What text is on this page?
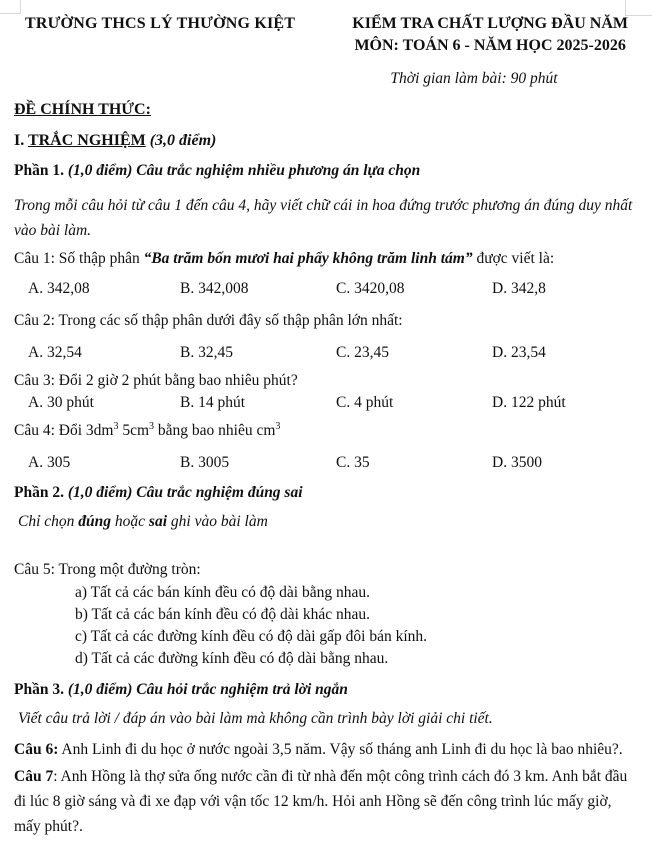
TRƯỜNG THCS LÝ THƯỜNG KIỆT	KIỂM TRA CHẤT LƯỢNG ĐẦU NĂM
MÔN: TOÁN 6 - NĂM HỌC 2025-2026
Thời gian làm bài: 90 phút
ĐỀ CHÍNH THỨC:
I. TRẮC NGHIỆM (3,0 điểm)
Phần 1. (1,0 điểm) Câu trắc nghiệm nhiều phương án lựa chọn
Trong mỗi câu hỏi từ câu 1 đến câu 4, hãy viết chữ cái in hoa đứng trước phương án đúng duy nhất vào bài làm.
Câu 1: Số thập phân “Ba trăm bốn mươi hai phẩy không trăm linh tám” được viết là:
A. 342,08	B. 342,008	C. 3420,08	D. 342,8
Câu 2: Trong các số thập phân dưới đây số thập phân lớn nhất:
A. 32,54	B. 32,45	C. 23,45	D. 23,54
Câu 3: Đổi 2 giờ 2 phút bằng bao nhiêu phút?
A. 30 phút	B. 14 phút	C. 4 phút	D. 122 phút
Câu 4: Đổi $3dm^3$ $5cm^3$ bằng bao nhiêu $cm^3$
A. 305	B. 3005	C. 35	D. 3500
Phần 2. (1,0 điểm) Câu trắc nghiệm đúng sai
Chỉ chọn đúng hoặc sai ghi vào bài làm
Câu 5: Trong một đường tròn:
a) Tất cả các bán kính đều có độ dài bằng nhau.
b) Tất cả các bán kính đều có độ dài khác nhau.
c) Tất cả các đường kính đều có độ dài gấp đôi bán kính.
d) Tất cả các đường kính đều có độ dài bằng nhau.
Phần 3. (1,0 điểm) Câu hỏi trắc nghiệm trả lời ngắn
Viết câu trả lời / đáp án vào bài làm mà không cần trình bày lời giải chi tiết.
Câu 6: Anh Linh đi du học ở nước ngoài 3,5 năm. Vậy số tháng anh Linh đi du học là bao nhiêu?.
Câu 7: Anh Hồng là thợ sửa ống nước cần đi từ nhà đến một công trình cách đó 3 km. Anh bắt đầu đi lúc 8 giờ sáng và đi xe đạp với vận tốc 12 km/h. Hỏi anh Hồng sẽ đến công trình lúc mấy giờ, mấy phút?.
